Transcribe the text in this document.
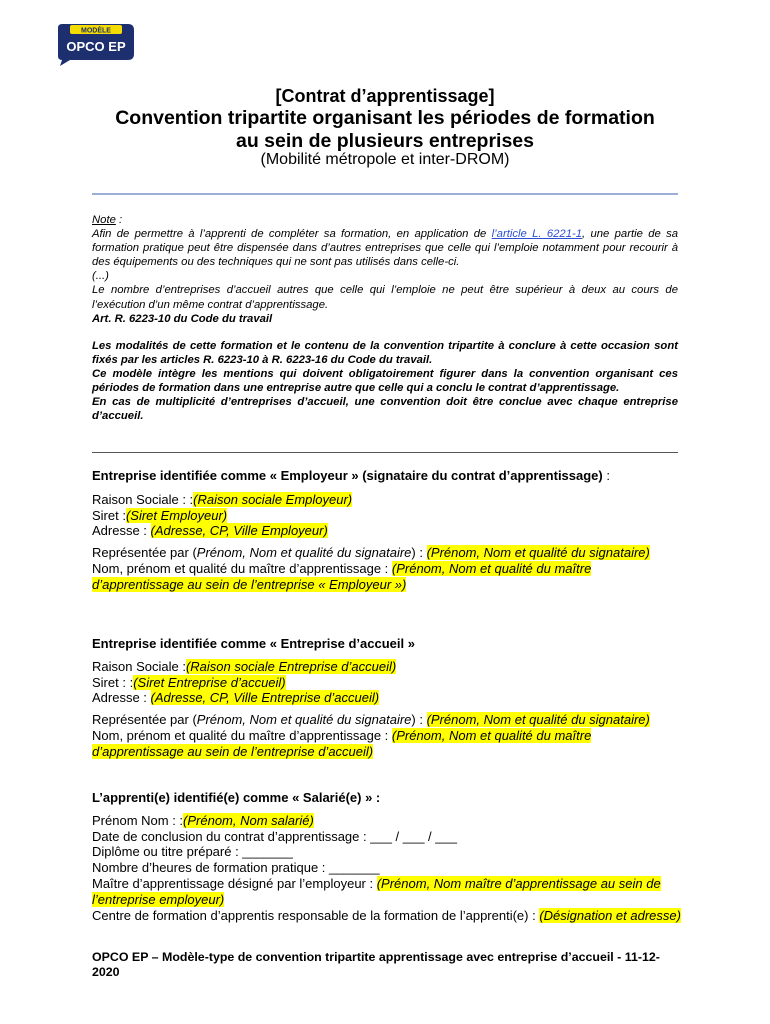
MODÈLE
OPCO EP
[Contrat d’apprentissage]
Convention tripartite organisant les périodes de formation
au sein de plusieurs entreprises
(Mobilité métropole et inter-DROM)

Note :

Afin de permettre à l’apprenti de compléter sa formation, en application de l’article L. 6221-1, une partie de sa formation pratique peut être dispensée dans d’autres entreprises que celle qui l’emploie notamment pour recourir à des équipements ou des techniques qui ne sont pas utilisés dans celle-ci.

(...)

Le nombre d’entreprises d’accueil autres que celle qui l’emploie ne peut être supérieur à deux au cours de l’exécution d’un même contrat d’apprentissage.

Art. R. 6223-10 du Code du travail

Les modalités de cette formation et le contenu de la convention tripartite à conclure à cette occasion sont fixés par les articles R. 6223-10 à R. 6223-16 du Code du travail.

Ce modèle intègre les mentions qui doivent obligatoirement figurer dans la convention organisant ces périodes de formation dans une entreprise autre que celle qui a conclu le contrat d’apprentissage.

En cas de multiplicité d’entreprises d’accueil, une convention doit être conclue avec chaque entreprise d’accueil.

Entreprise identifiée comme « Employeur » (signataire du contrat d’apprentissage) :

Raison Sociale : :(Raison sociale Employeur)

Siret :(Siret Employeur)

Adresse : (Adresse, CP, Ville Employeur)

Représentée par (Prénom, Nom et qualité du signataire) : (Prénom, Nom et qualité du signataire)

Nom, prénom et qualité du maître d’apprentissage : (Prénom, Nom et qualité du maître d’apprentissage au sein de l’entreprise « Employeur »)

Entreprise identifiée comme « Entreprise d’accueil »

Raison Sociale :(Raison sociale Entreprise d’accueil)

Siret : :(Siret Entreprise d’accueil)

Adresse : (Adresse, CP, Ville Entreprise d’accueil)

Représentée par (Prénom, Nom et qualité du signataire) : (Prénom, Nom et qualité du signataire)

Nom, prénom et qualité du maître d’apprentissage : (Prénom, Nom et qualité du maître d’apprentissage au sein de l’entreprise d’accueil)

L’apprenti(e) identifié(e) comme « Salarié(e) » :

Prénom Nom : :(Prénom, Nom salarié)

Date de conclusion du contrat d’apprentissage : ___ / ___ / ___

Diplôme ou titre préparé : _______

Nombre d’heures de formation pratique : _______

Maître d’apprentissage désigné par l’employeur : (Prénom, Nom maître d’apprentissage au sein de l’entreprise employeur)

Centre de formation d’apprentis responsable de la formation de l’apprenti(e) : (Désignation et adresse)

OPCO EP – Modèle-type de convention tripartite apprentissage avec entreprise d’accueil - 11-12-2020
